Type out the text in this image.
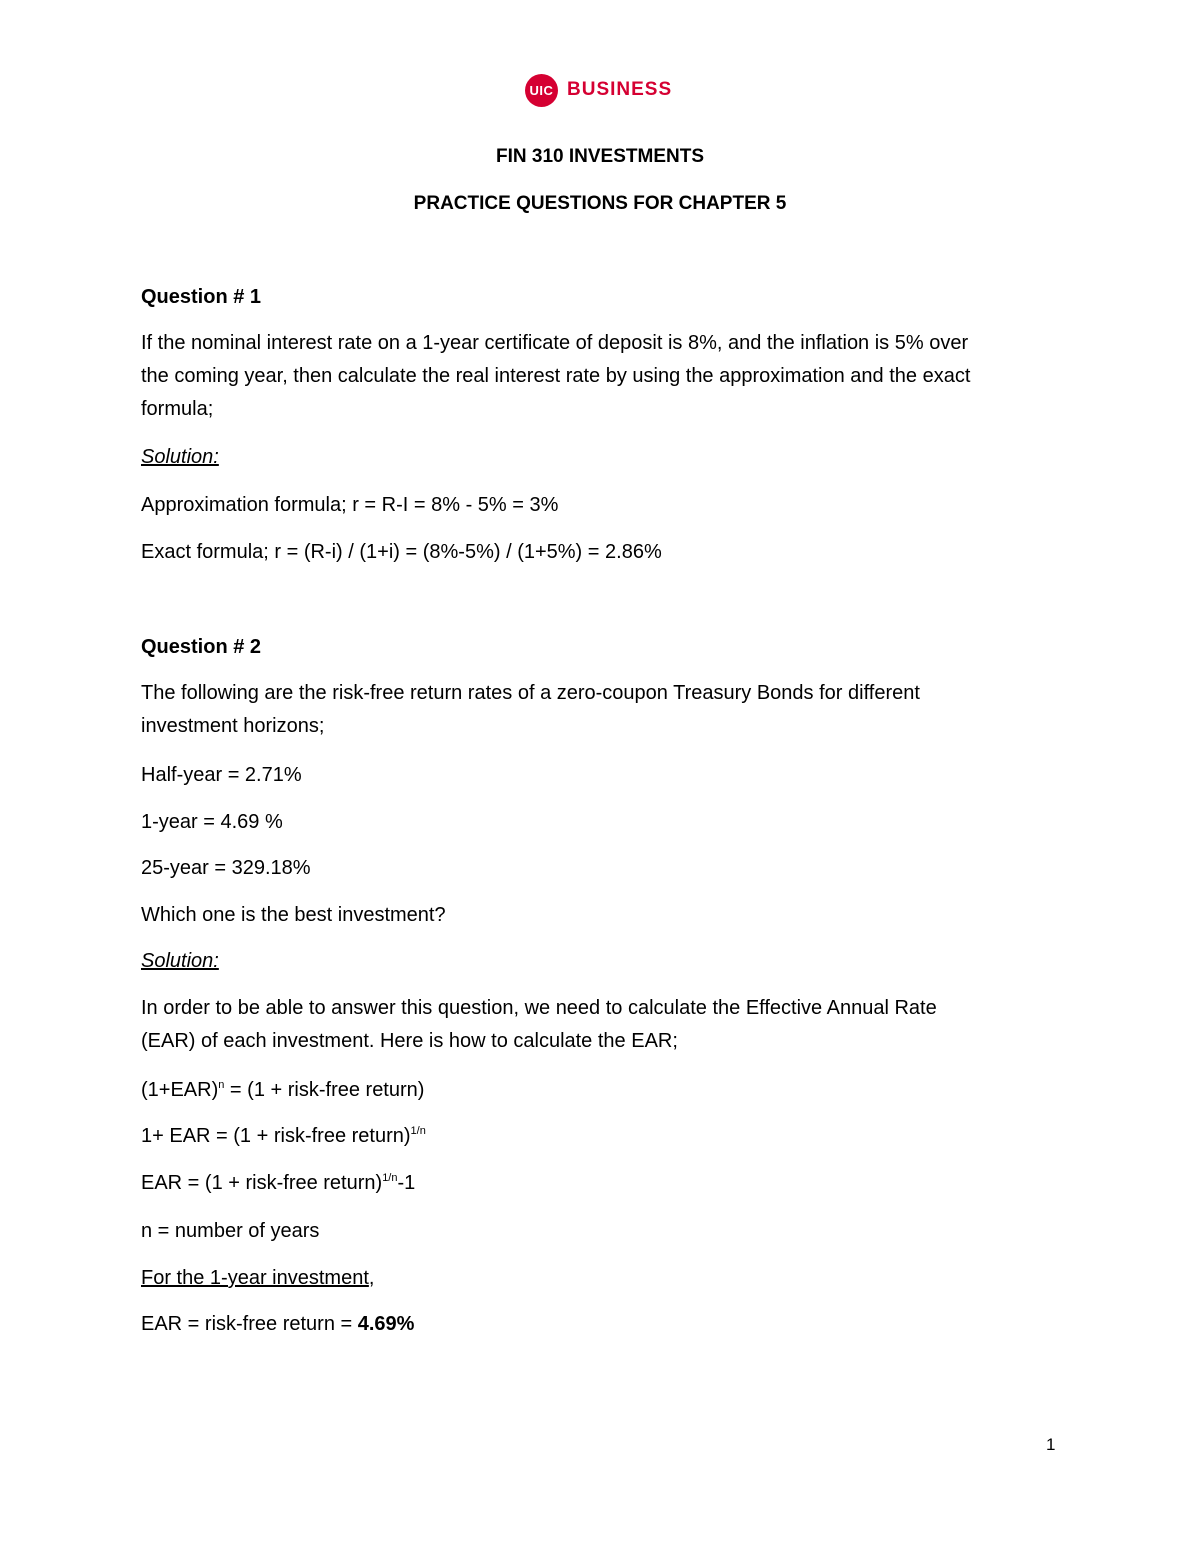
UIC BUSINESS
FIN 310 INVESTMENTS
PRACTICE QUESTIONS FOR CHAPTER 5
Question # 1
If the nominal interest rate on a 1-year certificate of deposit is 8%, and the inflation is 5% over
the coming year, then calculate the real interest rate by using the approximation and the exact
formula;
Solution:
Approximation formula; r = R-I = 8% - 5% = 3%
Exact formula; r = (R-i) / (1+i) = (8%-5%) / (1+5%) = 2.86%
Question # 2
The following are the risk-free return rates of a zero-coupon Treasury Bonds for different
investment horizons;
Half-year = 2.71%
1-year = 4.69 %
25-year = 329.18%
Which one is the best investment?
Solution:
In order to be able to answer this question, we need to calculate the Effective Annual Rate
(EAR) of each investment. Here is how to calculate the EAR;
$(1+EAR)^n = (1$ + risk-free return)
1+ EAR = (1 + risk-free return)$^{1/n}$
EAR = (1 + risk-free return)$^{1/n}$-1
n = number of years
For the 1-year investment,
EAR = risk-free return = 4.69%
1
